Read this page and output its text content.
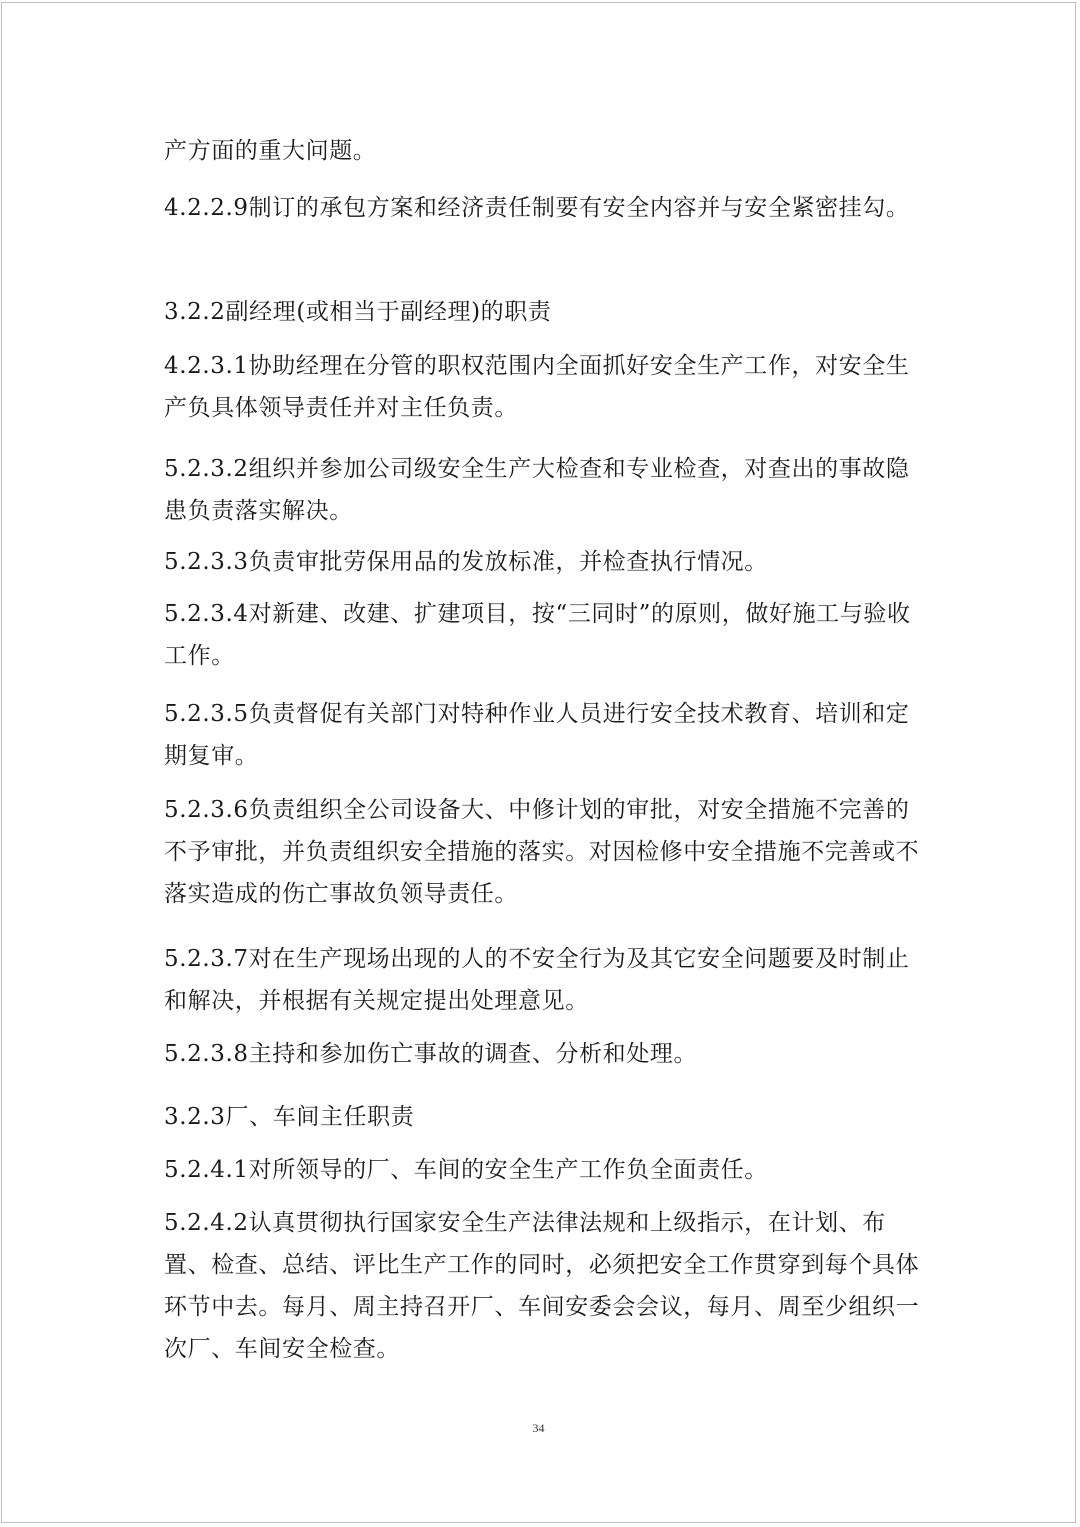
产方面的重大问题。

4.2.2.9制订的承包方案和经济责任制要有安全内容并与安全紧密挂勾。

3.2.2副经理(或相当于副经理)的职责

4.2.3.1协助经理在分管的职权范围内全面抓好安全生产工作，对安全生产负具体领导责任并对主任负责。

5.2.3.2组织并参加公司级安全生产大检查和专业检查，对查出的事故隐患负责落实解决。

5.2.3.3负责审批劳保用品的发放标准，并检查执行情况。

5.2.3.4对新建、改建、扩建项目，按“三同时”的原则，做好施工与验收工作。

5.2.3.5负责督促有关部门对特种作业人员进行安全技术教育、培训和定期复审。

5.2.3.6负责组织全公司设备大、中修计划的审批，对安全措施不完善的不予审批，并负责组织安全措施的落实。对因检修中安全措施不完善或不落实造成的伤亡事故负领导责任。

5.2.3.7对在生产现场出现的人的不安全行为及其它安全问题要及时制止和解决，并根据有关规定提出处理意见。

5.2.3.8主持和参加伤亡事故的调查、分析和处理。

3.2.3厂、车间主任职责

5.2.4.1对所领导的厂、车间的安全生产工作负全面责任。

5.2.4.2认真贯彻执行国家安全生产法律法规和上级指示，在计划、布置、检查、总结、评比生产工作的同时，必须把安全工作贯穿到每个具体环节中去。每月、周主持召开厂、车间安委会会议，每月、周至少组织一次厂、车间安全检查。

34
